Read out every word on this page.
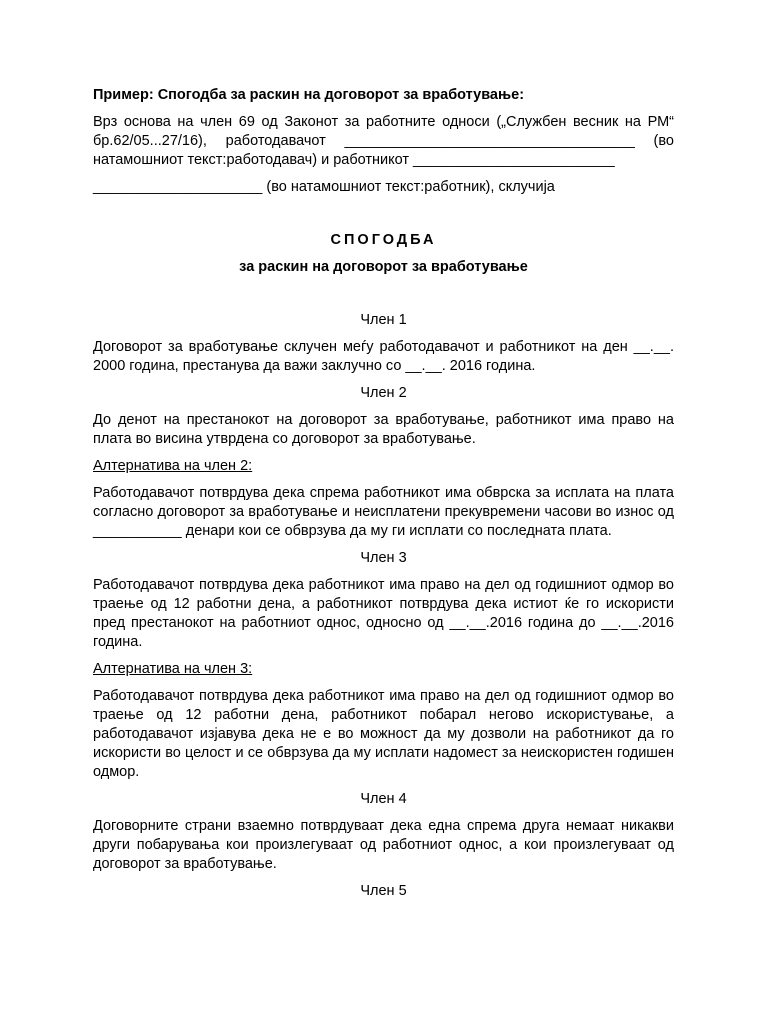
Пример: Спогодба за раскин на договорот за вработување:

Врз основа на член 69 од Законот за работните односи („Службен весник на РМ“ бр.62/05...27/16), работодавачот ____________________________________ (во натамошниот текст:работодавач) и работникот _________________________

_____________________ (во натамошниот текст:работник), склучија

СПОГОДБА

за раскин на договорот за вработување

Член 1

Договорот за вработување склучен меѓу работодавачот и работникот на ден __.__. 2000 година, престанува да важи заклучно со __.__. 2016 година.

Член 2

До денот на престанокот на договорот за вработување, работникот има право на плата во висина утврдена со договорот за вработување.

Алтернатива на член 2:

Работодавачот потврдува дека спрема работникот има обврска за исплата на плата согласно договорот за вработување и неисплатени прекувремени часови во износ од ___________ денари кои се обврзува да му ги исплати со последната плата.

Член 3

Работодавачот потврдува дека работникот има право на дел од годишниот одмор во траење од 12 работни дена, а работникот потврдува дека истиот ќе го искористи пред престанокот на работниот однос, односно од __.__.2016 година до __.__.2016 година.

Алтернатива на член 3:

Работодавачот потврдува дека работникот има право на дел од годишниот одмор во траење од 12 работни дена, работникот побарал негово искористување, а работодавачот изјавува дека не е во можност да му дозволи на работникот да го искористи во целост и се обврзува да му исплати надомест за неискористен годишен одмор.

Член 4

Договорните страни взаемно потврдуваат дека една спрема друга немаат никакви други побарувања кои произлегуваат од работниот однос, а кои произлегуваат од договорот за вработување.

Член 5
